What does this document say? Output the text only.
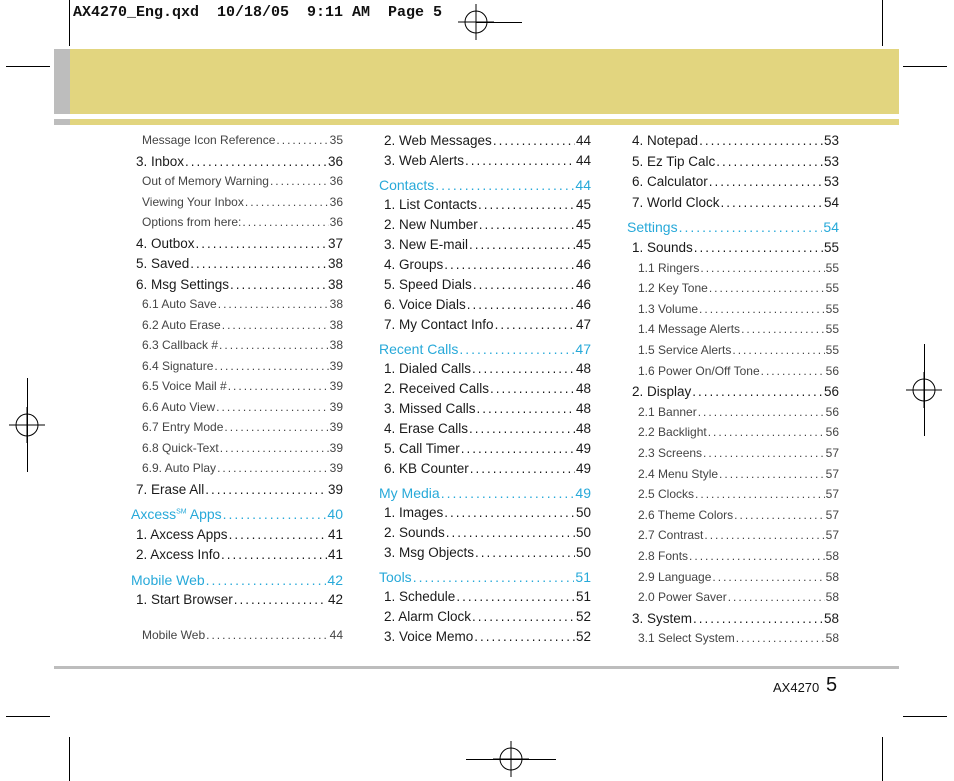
AX4270_Eng.qxd  10/18/05  9:11 AM  Page 5
Message Icon Reference .....	35
3. Inbox .....	36
Out of Memory Warning .....	36
Viewing Your Inbox .....	36
Options from here: .....	36
4. Outbox .....	37
5. Saved .....	38
6. Msg Settings .....	38
6.1 Auto Save .....	38
6.2 Auto Erase .....	38
6.3 Callback # .....	38
6.4 Signature .....	39
6.5 Voice Mail # .....	39
6.6 Auto View .....	39
6.7 Entry Mode .....	39
6.8 Quick-Text .....	39
6.9. Auto Play .....	39
7. Erase All .....	39
Axcess℠ Apps .....	40
1. Axcess Apps .....	41
2. Axcess Info .....	41
Mobile Web .....	42
1. Start Browser .....	42
Mobile Web .....	44
2. Web Messages .....	44
3. Web Alerts .....	44
Contacts .....	44
1. List Contacts .....	45
2. New Number .....	45
3. New E-mail .....	45
4. Groups .....	46
5. Speed Dials .....	46
6. Voice Dials .....	46
7. My Contact Info .....	47
Recent Calls .....	47
1. Dialed Calls .....	48
2. Received Calls .....	48
3. Missed Calls .....	48
4. Erase Calls .....	48
5. Call Timer .....	49
6. KB Counter .....	49
My Media .....	49
1. Images .....	50
2. Sounds .....	50
3. Msg Objects .....	50
Tools .....	51
1. Schedule .....	51
2. Alarm Clock .....	52
3. Voice Memo .....	52
4. Notepad .....	53
5. Ez Tip Calc .....	53
6. Calculator .....	53
7. World Clock .....	54
Settings .....	54
1. Sounds .....	55
1.1 Ringers .....	55
1.2 Key Tone .....	55
1.3 Volume .....	55
1.4 Message Alerts .....	55
1.5 Service Alerts .....	55
1.6 Power On/Off Tone .....	56
2. Display .....	56
2.1 Banner .....	56
2.2 Backlight .....	56
2.3 Screens .....	57
2.4 Menu Style .....	57
2.5 Clocks .....	57
2.6 Theme Colors .....	57
2.7 Contrast .....	57
2.8 Fonts .....	58
2.9 Language .....	58
2.0 Power Saver .....	58
3. System .....	58
3.1 Select System .....	58
AX4270 5
